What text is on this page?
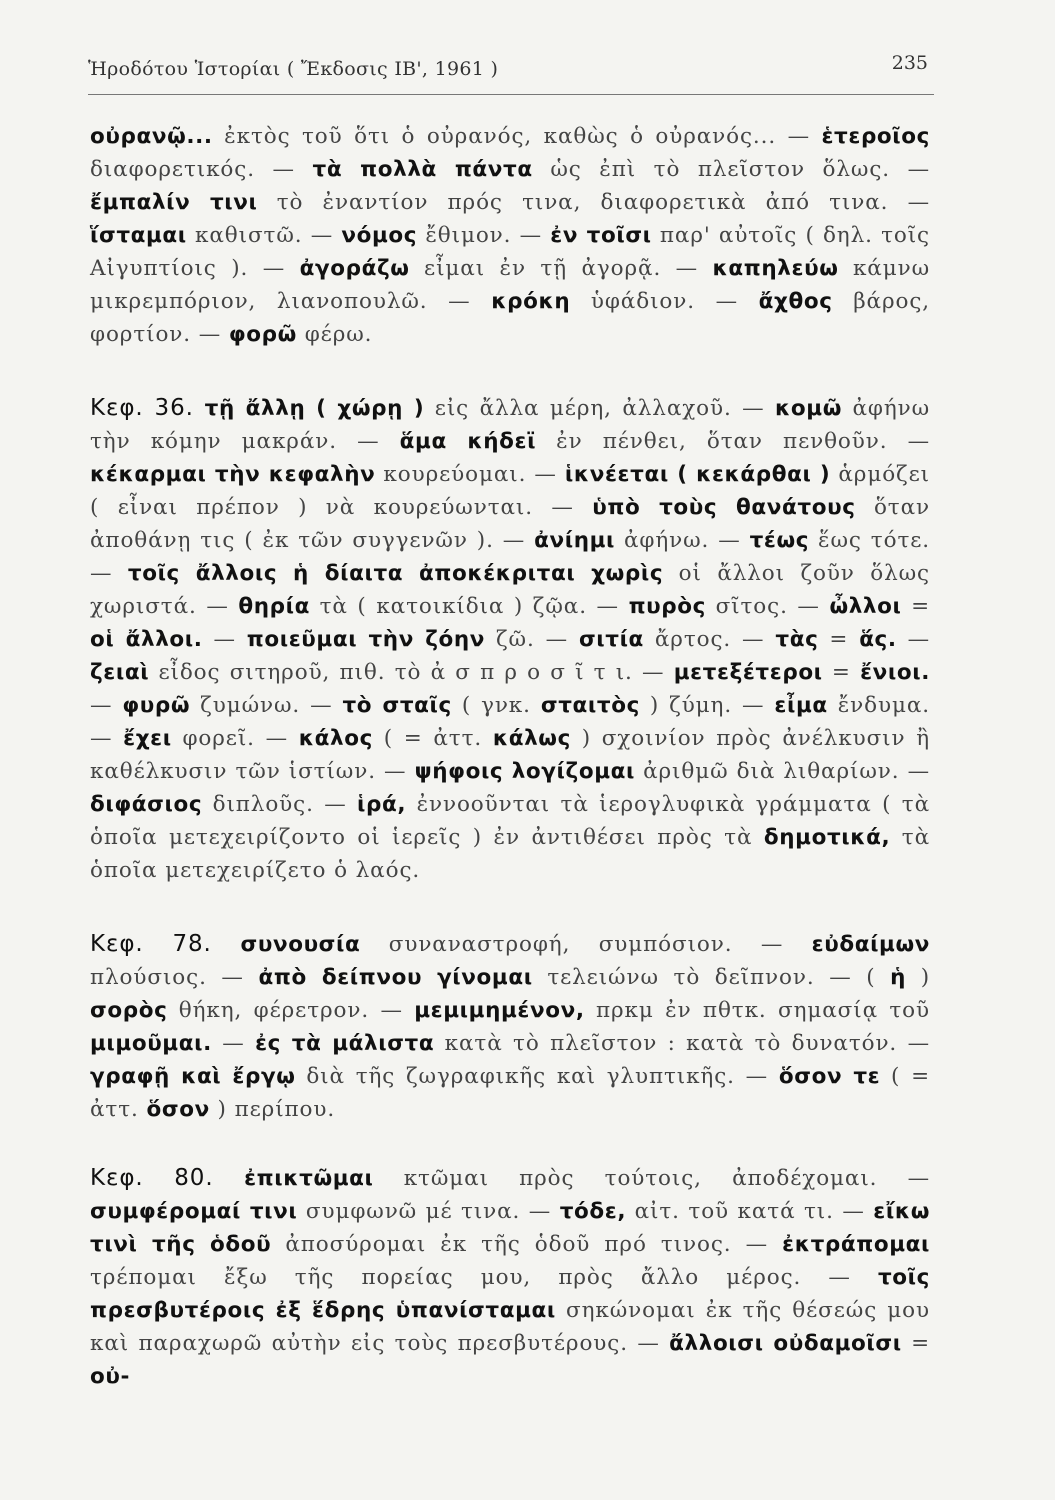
Ἡροδότου Ἱστορίαι ( Ἔκδοσις ΙΒ', 1961 )	235
οὐρανῷ... ἐκτὸς τοῦ ὅτι ὁ οὐρανός, καθὼς ὁ οὐρανός... — ἑτεροῖος διαφορετικός. — τὰ πολλὰ πάντα ὡς ἐπὶ τὸ πλεῖστον ὅλως. — ἔμπαλίν τινι τὸ ἐναντίον πρός τινα, διαφορετικὰ ἀπό τινα. — ἵσταμαι καθιστῶ. — νόμος ἔθιμον. — ἐν τοῖσι παρ' αὐτοῖς ( δηλ. τοῖς Αἰγυπτίοις ). — ἀγοράζω εἶμαι ἐν τῇ ἀγορᾷ. — καπηλεύω κάμνω μικρεμπόριον, λιανοπουλῶ. — κρόκη ὑφάδιον. — ἄχθος βάρος, φορτίον. — φορῶ φέρω.
Κεφ. 36. τῇ ἄλλῃ ( χώρῃ ) εἰς ἄλλα μέρη, ἀλλαχοῦ. — κομῶ ἀφήνω τὴν κόμην μακράν. — ἅμα κήδεϊ ἐν πένθει, ὅταν πενθοῦν. — κέκαρμαι τὴν κεφαλὴν κουρεύομαι. — ἱκνέεται ( κεκάρθαι ) ἁρμόζει ( εἶναι πρέπον ) νὰ κουρεύωνται. — ὑπὸ τοὺς θανάτους ὅταν ἀποθάνῃ τις ( ἐκ τῶν συγγενῶν ). — ἀνίημι ἀφήνω. — τέως ἕως τότε. — τοῖς ἄλλοις ἡ δίαιτα ἀποκέκριται χωρὶς οἱ ἄλλοι ζοῦν ὅλως χωριστά. — θηρία τὰ ( κατοικίδια ) ζῷα. — πυρὸς σῖτος. — ὦλλοι = οἱ ἄλλοι. — ποιεῦμαι τὴν ζόην ζῶ. — σιτία ἄρτος. — τὰς = ἅς. — ζειαὶ εἶδος σιτηροῦ, πιθ. τὸ ἀ σ π ρ ο σ ῖ τ ι. — μετεξέτεροι = ἔνιοι. — φυρῶ ζυμώνω. — τὸ σταῖς ( γνκ. σταιτὸς ) ζύμη. — εἶμα ἔνδυμα. — ἔχει φορεῖ. — κάλος ( = ἀττ. κάλως ) σχοινίον πρὸς ἀνέλκυσιν ἢ καθέλκυσιν τῶν ἱστίων. — ψήφοις λογίζομαι ἀριθμῶ διὰ λιθαρίων. — διφάσιος διπλοῦς. — ἱρά, ἐννοοῦνται τὰ ἱερογλυφικὰ γράμματα ( τὰ ὁποῖα μετεχειρίζοντο οἱ ἱερεῖς ) ἐν ἀντιθέσει πρὸς τὰ δημοτικά, τὰ ὁποῖα μετεχειρίζετο ὁ λαός.
Κεφ. 78. συνουσία συναναστροφή, συμπόσιον. — εὐδαίμων πλούσιος. — ἀπὸ δείπνου γίνομαι τελειώνω τὸ δεῖπνον. — ( ἡ ) σορὸς θήκη, φέρετρον. — μεμιμημένον, πρκμ ἐν πθτκ. σημασίᾳ τοῦ μιμοῦμαι. — ἐς τὰ μάλιστα κατὰ τὸ πλεῖστον : κατὰ τὸ δυνατόν. — γραφῇ καὶ ἔργῳ διὰ τῆς ζωγραφικῆς καὶ γλυπτικῆς. — ὅσον τε ( = ἀττ. ὅσον ) περίπου.
Κεφ. 80. ἐπικτῶμαι κτῶμαι πρὸς τούτοις, ἀποδέχομαι. — συμφέρομαί τινι συμφωνῶ μέ τινα. — τόδε, αἰτ. τοῦ κατά τι. — εἴκω τινὶ τῆς ὁδοῦ ἀποσύρομαι ἐκ τῆς ὁδοῦ πρό τινος. — ἐκτράπομαι τρέπομαι ἔξω τῆς πορείας μου, πρὸς ἄλλο μέρος. — τοῖς πρεσβυτέροις ἐξ ἕδρης ὑπανίσταμαι σηκώνομαι ἐκ τῆς θέσεώς μου καὶ παραχωρῶ αὐτὴν εἰς τοὺς πρεσβυτέρους. — ἄλλοισι οὐδαμοῖσι = οὐ-
